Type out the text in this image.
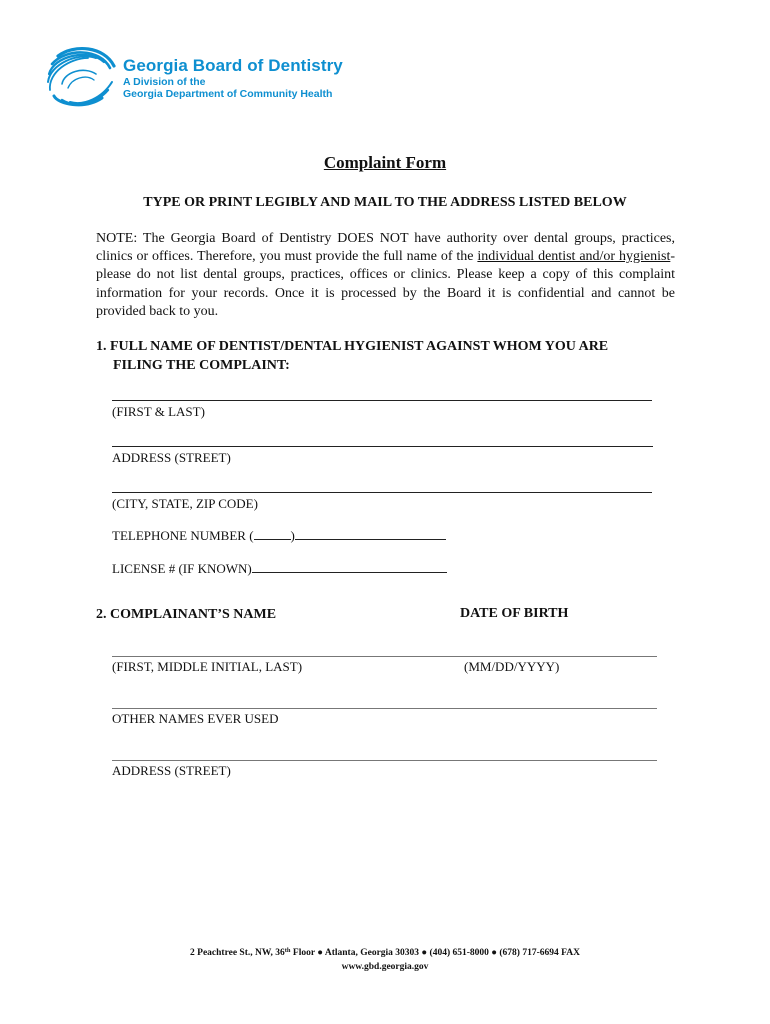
Georgia Board of Dentistry
A Division of the
Georgia Department of Community Health
Complaint Form
TYPE OR PRINT LEGIBLY AND MAIL TO THE ADDRESS LISTED BELOW
NOTE: The Georgia Board of Dentistry DOES NOT have authority over dental groups, practices, clinics or offices. Therefore, you must provide the full name of the individual dentist and/or hygienist- please do not list dental groups, practices, offices or clinics. Please keep a copy of this complaint information for your records. Once it is processed by the Board it is confidential and cannot be provided back to you.
1. FULL NAME OF DENTIST/DENTAL HYGIENIST AGAINST WHOM YOU ARE
FILING THE COMPLAINT:
(FIRST & LAST)
ADDRESS (STREET)
(CITY, STATE, ZIP CODE)
TELEPHONE NUMBER (	)
LICENSE # (IF KNOWN)
2. COMPLAINANT’S NAME	DATE OF BIRTH
(FIRST, MIDDLE INITIAL, LAST)	(MM/DD/YYYY)
OTHER NAMES EVER USED
ADDRESS (STREET)
2 Peachtree St., NW, 36th Floor ● Atlanta, Georgia 30303 ● (404) 651-8000 ● (678) 717-6694 FAX
www.gbd.georgia.gov
